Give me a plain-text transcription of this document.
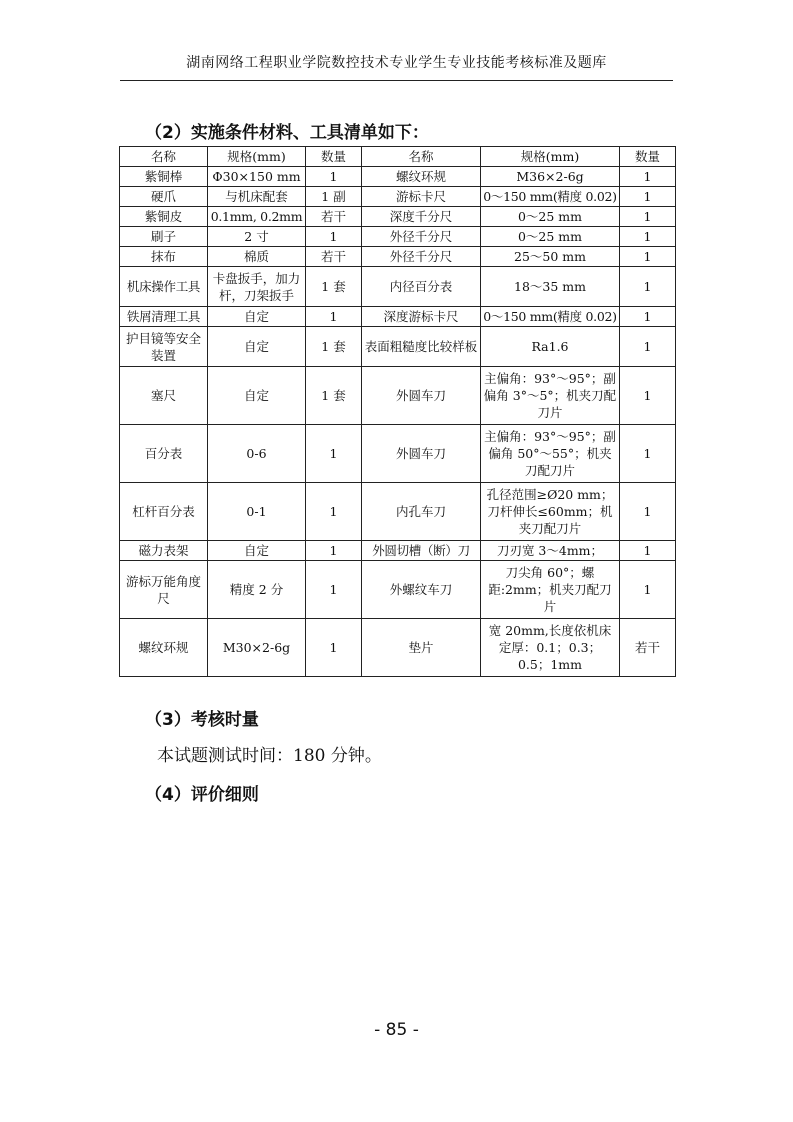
湖南网络工程职业学院数控技术专业学生专业技能考核标准及题库
（2）实施条件材料、工具清单如下：
名称	规格(mm)	数量	名称	规格(mm)	数量
紫铜棒	Φ30×150 mm	1	螺纹环规	M36×2-6g	1
硬爪	与机床配套	1 副	游标卡尺	0～150 mm(精度 0.02)	1
紫铜皮	0.1mm, 0.2mm	若干	深度千分尺	0～25 mm	1
刷子	2 寸	1	外径千分尺	0～25 mm	1
抹布	棉质	若干	外径千分尺	25～50 mm	1
机床操作工具	卡盘扳手，加力杆，刀架扳手	1 套	内径百分表	18～35 mm	1
铁屑清理工具	自定	1	深度游标卡尺	0～150 mm(精度 0.02)	1
护目镜等安全装置	自定	1 套	表面粗糙度比较样板	Ra1.6	1
塞尺	自定	1 套	外圆车刀	主偏角：93°～95°；副偏角 3°～5°；机夹刀配刀片	1
百分表	0-6	1	外圆车刀	主偏角：93°～95°；副偏角 50°～55°；机夹刀配刀片	1
杠杆百分表	0-1	1	内孔车刀	孔径范围≥Ø20 mm；刀杆伸长≤60mm；机夹刀配刀片	1
磁力表架	自定	1	外圆切槽（断）刀	刀刃宽 3～4mm；	1
游标万能角度尺	精度 2 分	1	外螺纹车刀	刀尖角 60°；螺距:2mm；机夹刀配刀片	1
螺纹环规	M30×2-6g	1	垫片	宽 20mm,长度依机床定厚：0.1；0.3；0.5；1mm	若干
（3）考核时量
本试题测试时间：180 分钟。
（4）评价细则
- 85 -
